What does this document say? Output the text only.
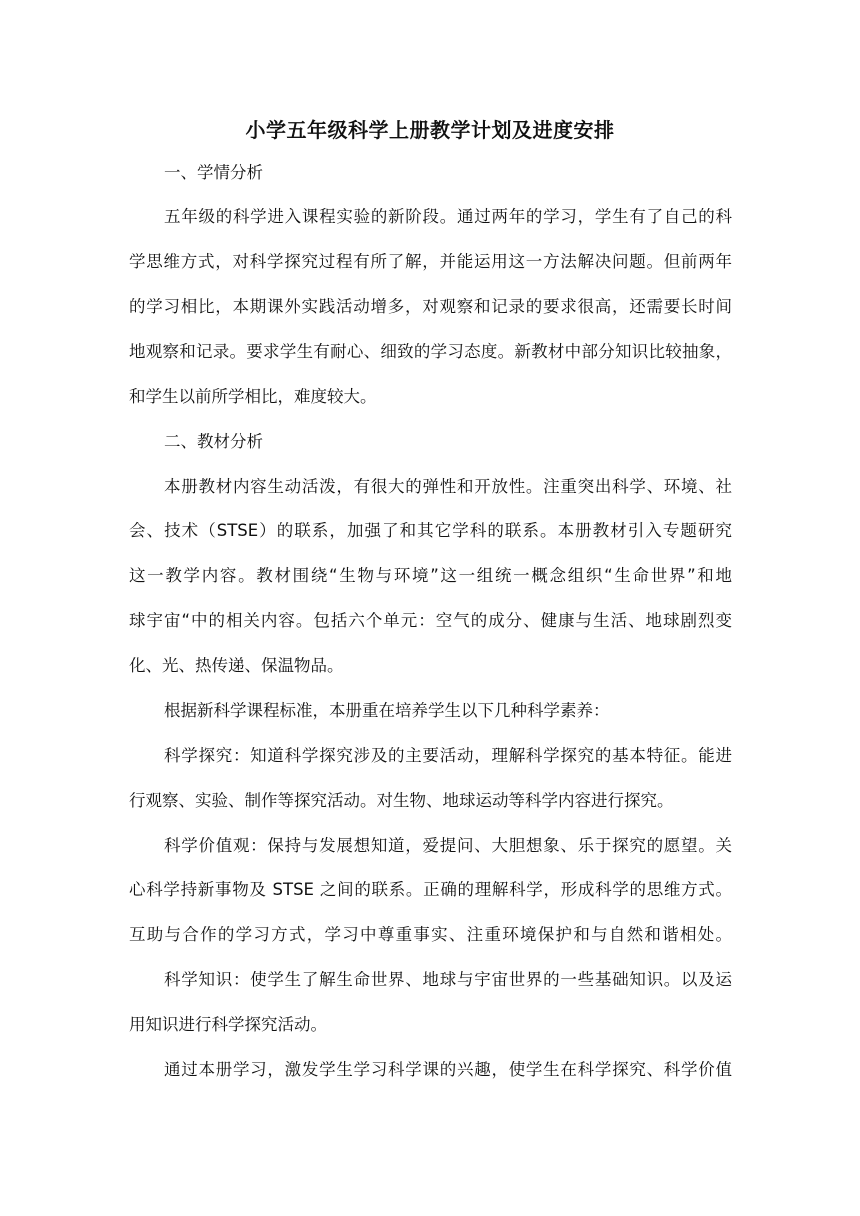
小学五年级科学上册教学计划及进度安排
一、学情分析
五年级的科学进入课程实验的新阶段。通过两年的学习，学生有了自己的科
学思维方式，对科学探究过程有所了解，并能运用这一方法解决问题。但前两年
的学习相比，本期课外实践活动增多，对观察和记录的要求很高，还需要长时间
地观察和记录。要求学生有耐心、细致的学习态度。新教材中部分知识比较抽象，
和学生以前所学相比，难度较大。
二、教材分析
本册教材内容生动活泼，有很大的弹性和开放性。注重突出科学、环境、社
会、技术（STSE）的联系，加强了和其它学科的联系。本册教材引入专题研究
这一教学内容。教材围绕“生物与环境”这一组统一概念组织“生命世界”和地
球宇宙“中的相关内容。包括六个单元：空气的成分、健康与生活、地球剧烈变
化、光、热传递、保温物品。
根据新科学课程标准，本册重在培养学生以下几种科学素养：
科学探究：知道科学探究涉及的主要活动，理解科学探究的基本特征。能进
行观察、实验、制作等探究活动。对生物、地球运动等科学内容进行探究。
科学价值观：保持与发展想知道，爱提问、大胆想象、乐于探究的愿望。关
心科学持新事物及 STSE 之间的联系。正确的理解科学，形成科学的思维方式。
互助与合作的学习方式，学习中尊重事实、注重环境保护和与自然和谐相处。
科学知识：使学生了解生命世界、地球与宇宙世界的一些基础知识。以及运
用知识进行科学探究活动。
通过本册学习，激发学生学习科学课的兴趣，使学生在科学探究、科学价值
